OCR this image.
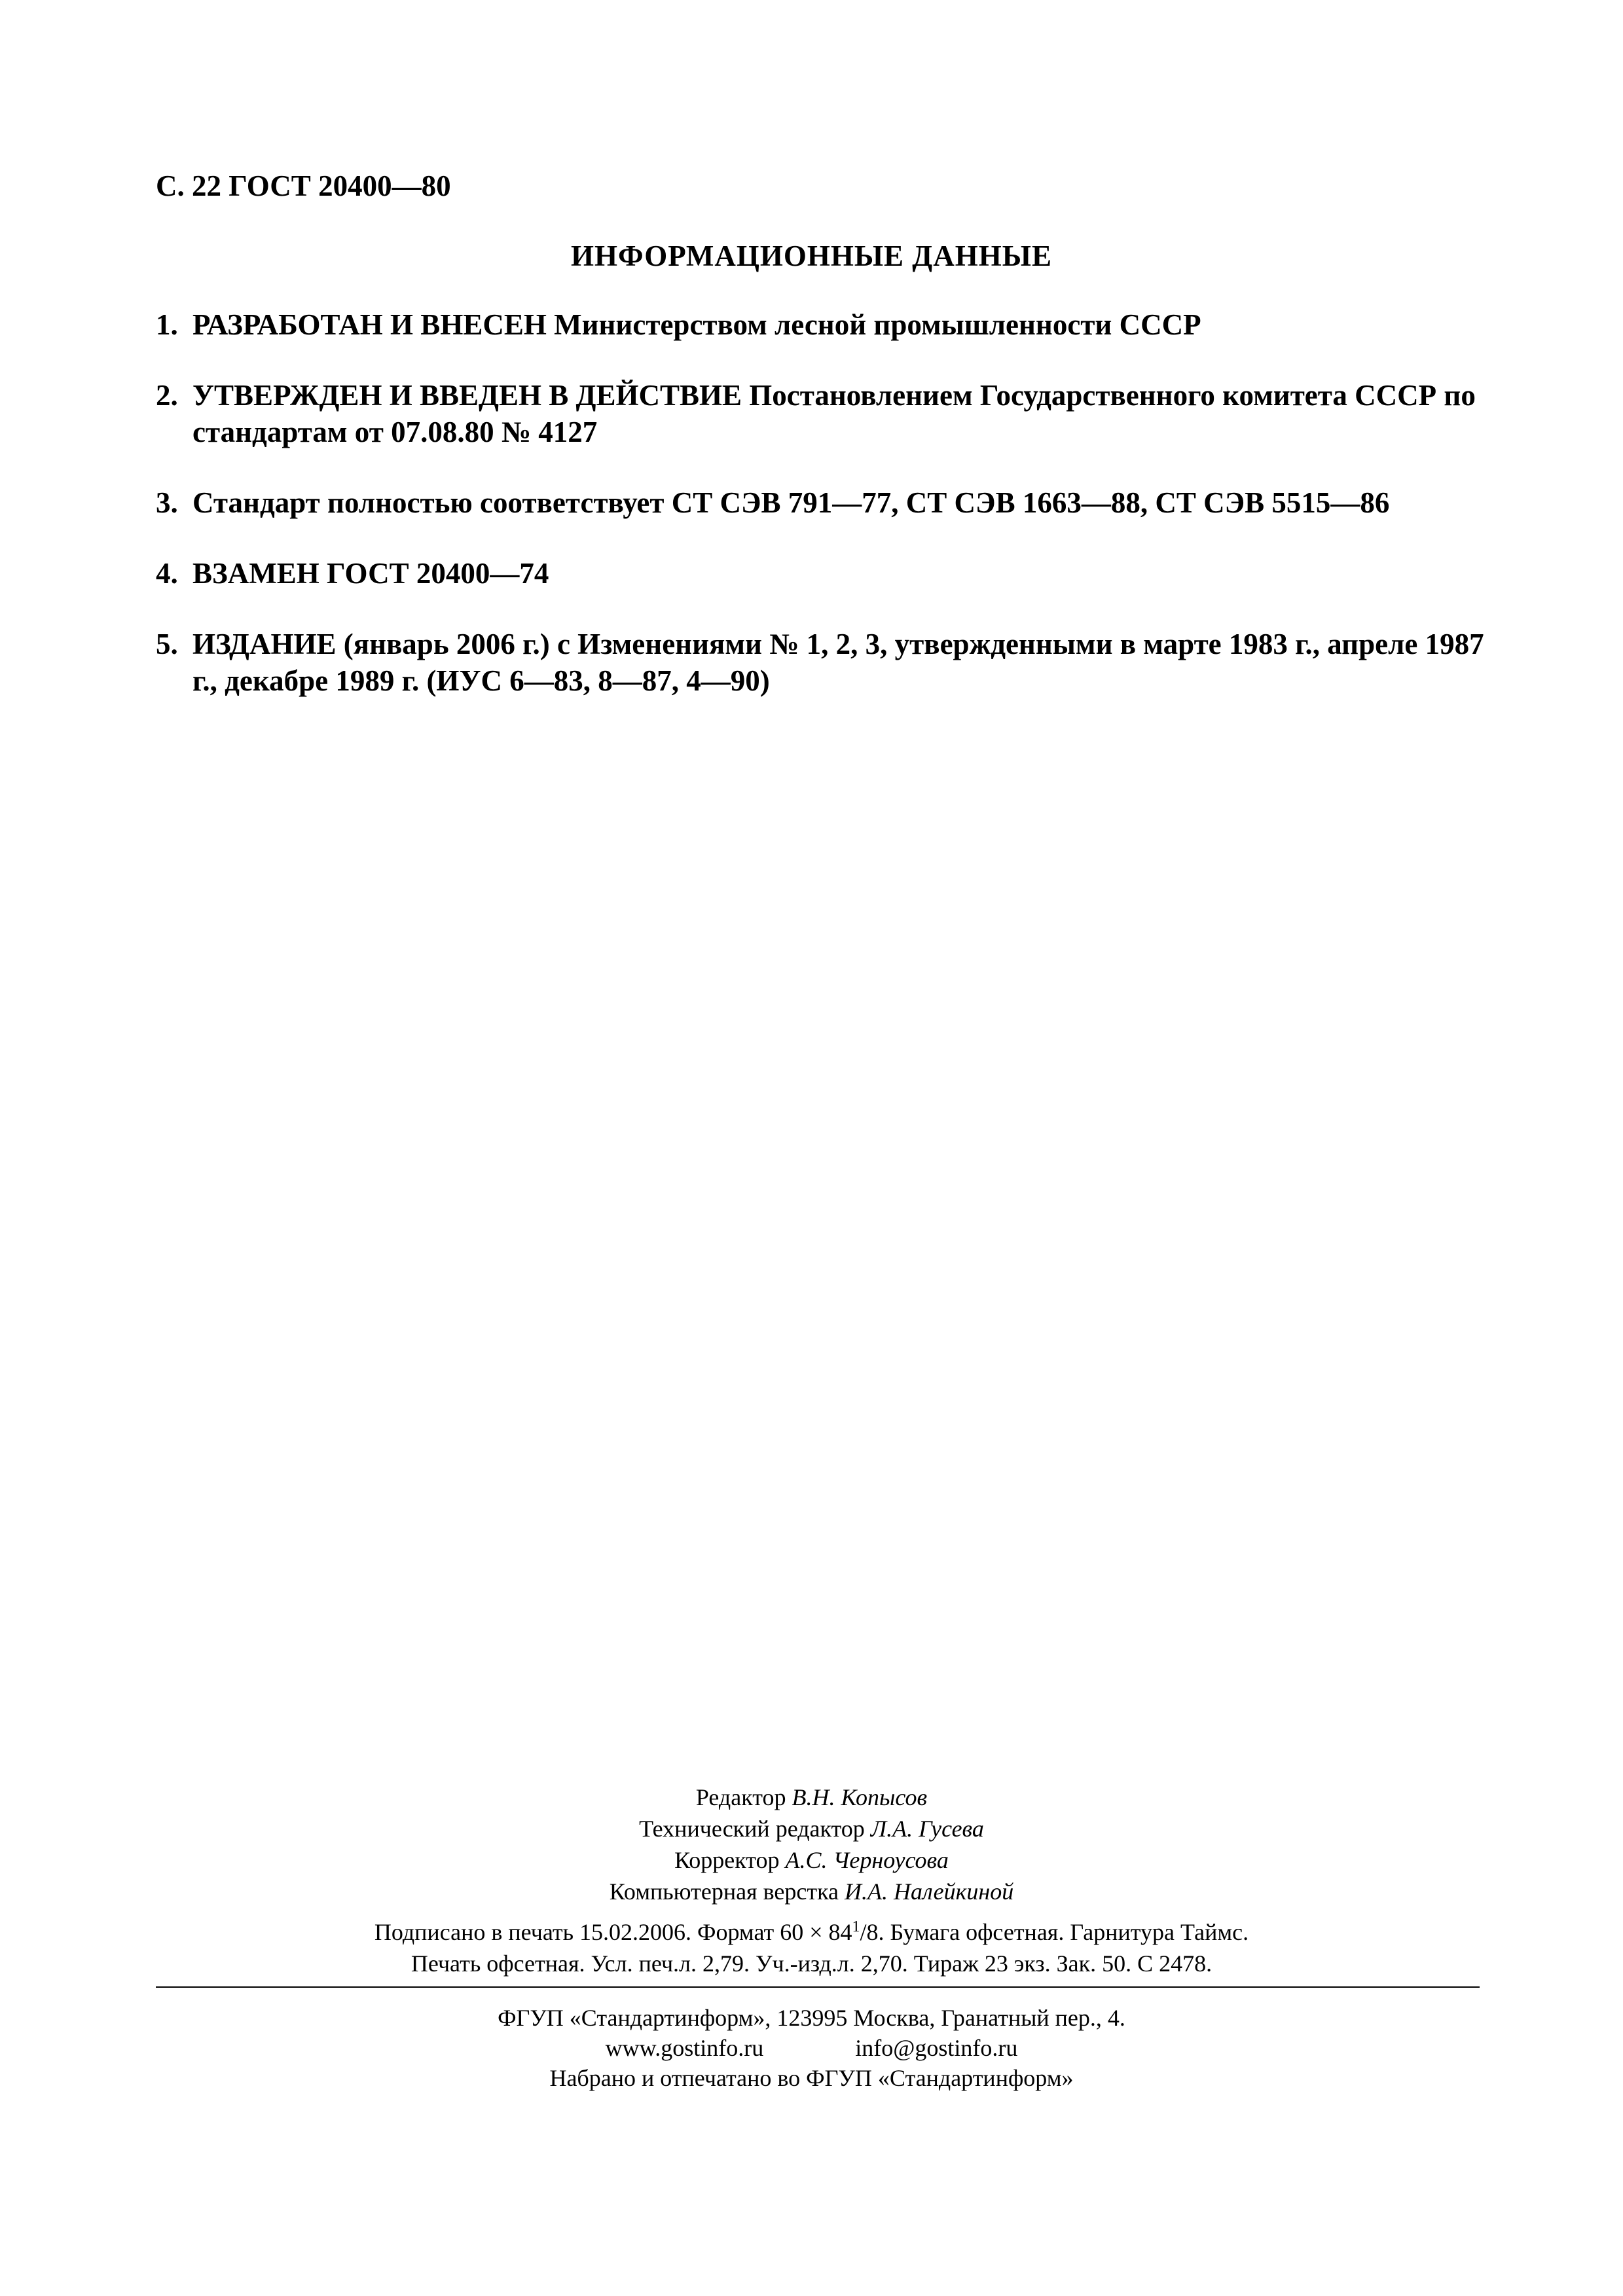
С. 22 ГОСТ 20400—80
ИНФОРМАЦИОННЫЕ ДАННЫЕ
1. РАЗРАБОТАН И ВНЕСЕН Министерством лесной промышленности СССР
2. УТВЕРЖДЕН И ВВЕДЕН В ДЕЙСТВИЕ Постановлением Государственного комитета СССР по стандартам от 07.08.80 № 4127
3. Стандарт полностью соответствует СТ СЭВ 791—77, СТ СЭВ 1663—88, СТ СЭВ 5515—86
4. ВЗАМЕН ГОСТ 20400—74
5. ИЗДАНИЕ (январь 2006 г.) с Изменениями № 1, 2, 3, утвержденными в марте 1983 г., апреле 1987 г., декабре 1989 г. (ИУС 6—83, 8—87, 4—90)
Редактор В.Н. Копысов
Технический редактор Л.А. Гусева
Корректор А.С. Черноусова
Компьютерная верстка И.А. Налейкиной
Подписано в печать 15.02.2006. Формат $60 \times 84^1/8$. Бумага офсетная. Гарнитура Таймс.
Печать офсетная. Усл. печ.л. 2,79. Уч.-изд.л. 2,70. Тираж 23 экз. Зак. 50. С 2478.
ФГУП «Стандартинформ», 123995 Москва, Гранатный пер., 4.
www.gostinfo.ru	info@gostinfo.ru
Набрано и отпечатано во ФГУП «Стандартинформ»
